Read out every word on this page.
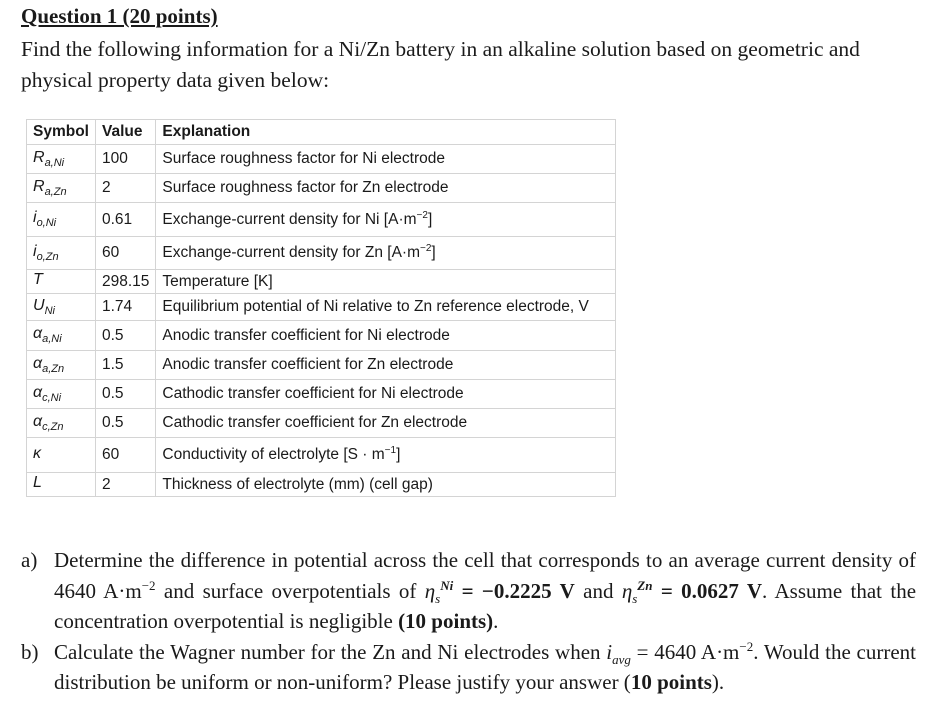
Question 1 (20 points)

Find the following information for a Ni/Zn battery in an alkaline solution based on geometric and physical property data given below:

Symbol	Value	Explanation
$R_{a,Ni}$	100	Surface roughness factor for Ni electrode
$R_{a,Zn}$	2	Surface roughness factor for Zn electrode
$i_{o,Ni}$	0.61	Exchange-current density for Ni $[A\cdot m^{-2}]$
$i_{o,Zn}$	60	Exchange-current density for Zn $[A\cdot m^{-2}]$
T	298.15	Temperature [K]
$U_{Ni}$	1.74	Equilibrium potential of Ni relative to Zn reference electrode, V
$\alpha_{a,Ni}$	0.5	Anodic transfer coefficient for Ni electrode
$\alpha_{a,Zn}$	1.5	Anodic transfer coefficient for Zn electrode
$\alpha_{c,Ni}$	0.5	Cathodic transfer coefficient for Ni electrode
$\alpha_{c,Zn}$	0.5	Cathodic transfer coefficient for Zn electrode
κ	60	Conductivity of electrolyte $[S \cdot m^{-1}]$
L	2	Thickness of electrolyte (mm) (cell gap)
a) Determine the difference in potential across the cell that corresponds to an average current density of 4640 $A\cdot m^{-2}$ and surface overpotentials of $\eta_s^{Ni} = -0.2225$ V and $\eta_s^{Zn} = 0.0627$ V. Assume that the concentration overpotential is negligible (10 points).
b) Calculate the Wagner number for the Zn and Ni electrodes when $i_{avg} = 4640$ $A\cdot m^{-2}$. Would the current distribution be uniform or non-uniform? Please justify your answer (10 points).
